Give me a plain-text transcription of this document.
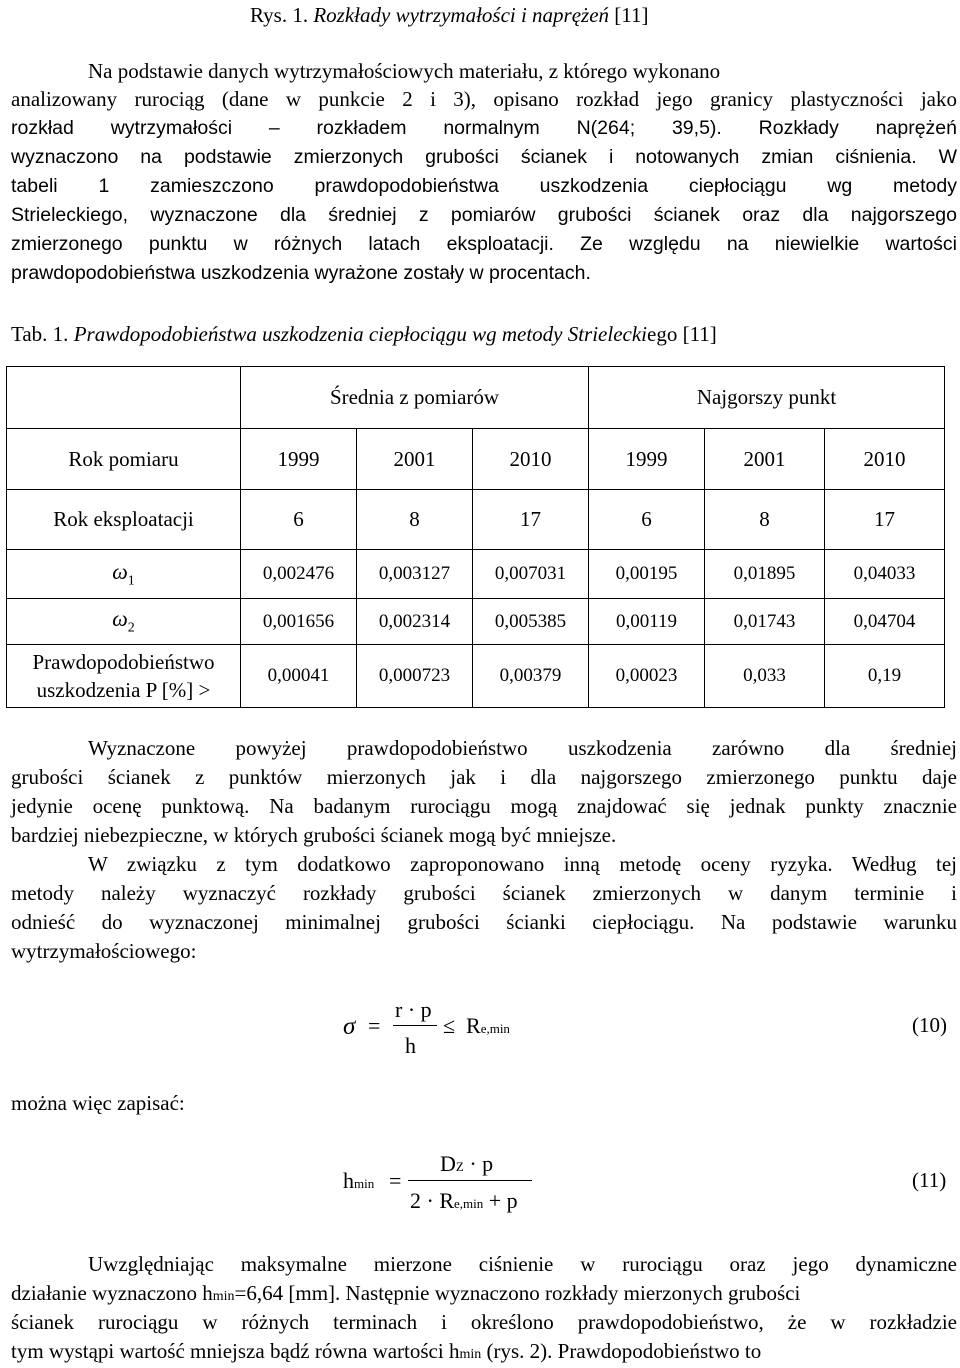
Rys. 1. Rozkłady wytrzymałości i naprężeń [11]
Na podstawie danych wytrzymałościowych materiału, z którego wykonano
analizowany rurociąg (dane w punkcie 2 i 3), opisano rozkład jego granicy plastyczności jako
rozkład wytrzymałości – rozkładem normalnym N(264; 39,5). Rozkłady naprężeń
wyznaczono na podstawie zmierzonych grubości ścianek i notowanych zmian ciśnienia. W
tabeli 1 zamieszczono prawdopodobieństwa uszkodzenia ciepłociągu wg metody
Strieleckiego, wyznaczone dla średniej z pomiarów grubości ścianek oraz dla najgorszego
zmierzonego punktu w różnych latach eksploatacji. Ze względu na niewielkie wartości
prawdopodobieństwa uszkodzenia wyrażone zostały w procentach.
Tab. 1. Prawdopodobieństwa uszkodzenia ciepłociągu wg metody Strieleckiego [11]
	Średnia z pomiarów			Najgorszy punkt		
Rok pomiaru	1999	2001	2010	1999	2001	2010
Rok eksploatacji	6	8	17	6	8	17
$\omega_1$	0,002476	0,003127	0,007031	0,00195	0,01895	0,04033
$\omega_2$	0,001656	0,002314	0,005385	0,00119	0,01743	0,04704
Prawdopodobieństwo
uszkodzenia P [%] >	0,00041	0,000723	0,00379	0,00023	0,033	0,19
Wyznaczone powyżej prawdopodobieństwo uszkodzenia zarówno dla średniej
grubości ścianek z punktów mierzonych jak i dla najgorszego zmierzonego punktu daje
jedynie ocenę punktową. Na badanym rurociągu mogą znajdować się jednak punkty znacznie
bardziej niebezpieczne, w których grubości ścianek mogą być mniejsze.
W związku z tym dodatkowo zaproponowano inną metodę oceny ryzyka. Według tej
metody należy wyznaczyć rozkłady grubości ścianek zmierzonych w danym terminie i
odnieść do wyznaczonej minimalnej grubości ścianki ciepłociągu. Na podstawie warunku
wytrzymałościowego:
σ =
r · p
h
≤ Re,min	(10)
można więc zapisać:
hmin =
DZ · p
2 · Re,min + p
(11)
Uwzględniając maksymalne mierzone ciśnienie w rurociągu oraz jego dynamiczne
działanie wyznaczono hmin=6,64 [mm]. Następnie wyznaczono rozkłady mierzonych grubości
ścianek rurociągu w różnych terminach i określono prawdopodobieństwo, że w rozkładzie
tym wystąpi wartość mniejsza bądź równa wartości hmin (rys. 2). Prawdopodobieństwo to
